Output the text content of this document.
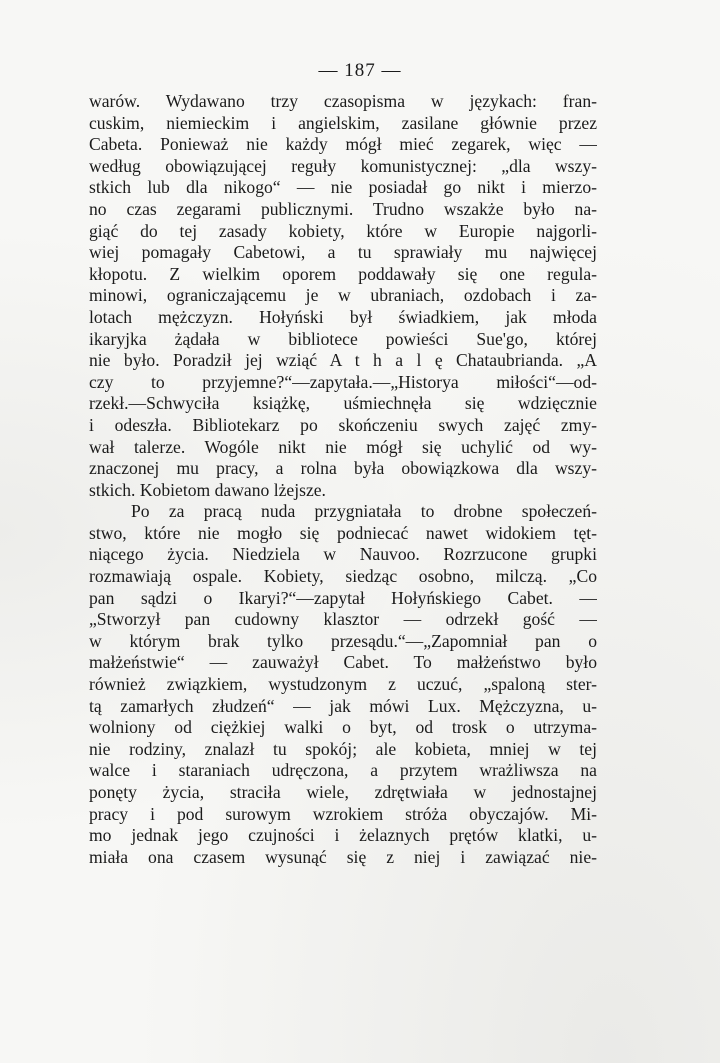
— 187 —
warów. Wydawano trzy czasopisma w językach: fran-
cuskim, niemieckim i angielskim, zasilane głównie przez
Cabeta. Ponieważ nie każdy mógł mieć zegarek, więc —
według obowiązującej reguły komunistycznej: „dla wszy-
stkich lub dla nikogo“ — nie posiadał go nikt i mierzo-
no czas zegarami publicznymi. Trudno wszakże było na-
giąć do tej zasady kobiety, które w Europie najgorli-
wiej pomagały Cabetowi, a tu sprawiały mu najwięcej
kłopotu. Z wielkim oporem poddawały się one regula-
minowi, ograniczającemu je w ubraniach, ozdobach i za-
lotach mężczyzn. Hołyński był świadkiem, jak młoda
ikaryjka żądała w bibliotece powieści Sue'go, której
nie było. Poradził jej wziąć A t h a l ę Chataubrianda. „A
czy to przyjemne?“—zapytała.—„Historya miłości“—od-
rzekł.—Schwyciła książkę, uśmiechnęła się wdzięcznie
i odeszła. Bibliotekarz po skończeniu swych zajęć zmy-
wał talerze. Wogóle nikt nie mógł się uchylić od wy-
znaczonej mu pracy, a rolna była obowiązkowa dla wszy-
stkich. Kobietom dawano lżejsze.
Po za pracą nuda przygniatała to drobne społeczeń-
stwo, które nie mogło się podniecać nawet widokiem tęt-
niącego życia. Niedziela w Nauvoo. Rozrzucone grupki
rozmawiają ospale. Kobiety, siedząc osobno, milczą. „Co
pan sądzi o Ikaryi?“—zapytał Hołyńskiego Cabet. —
„Stworzył pan cudowny klasztor — odrzekł gość —
w którym brak tylko przesądu.“—„Zapomniał pan o
małżeństwie“ — zauważył Cabet. To małżeństwo było
również związkiem, wystudzonym z uczuć, „spaloną ster-
tą zamarłych złudzeń“ — jak mówi Lux. Mężczyzna, u-
wolniony od ciężkiej walki o byt, od trosk o utrzyma-
nie rodziny, znalazł tu spokój; ale kobieta, mniej w tej
walce i staraniach udręczona, a przytem wrażliwsza na
ponęty życia, straciła wiele, zdrętwiała w jednostajnej
pracy i pod surowym wzrokiem stróża obyczajów. Mi-
mo jednak jego czujności i żelaznych prętów klatki, u-
miała ona czasem wysunąć się z niej i zawiązać nie-
